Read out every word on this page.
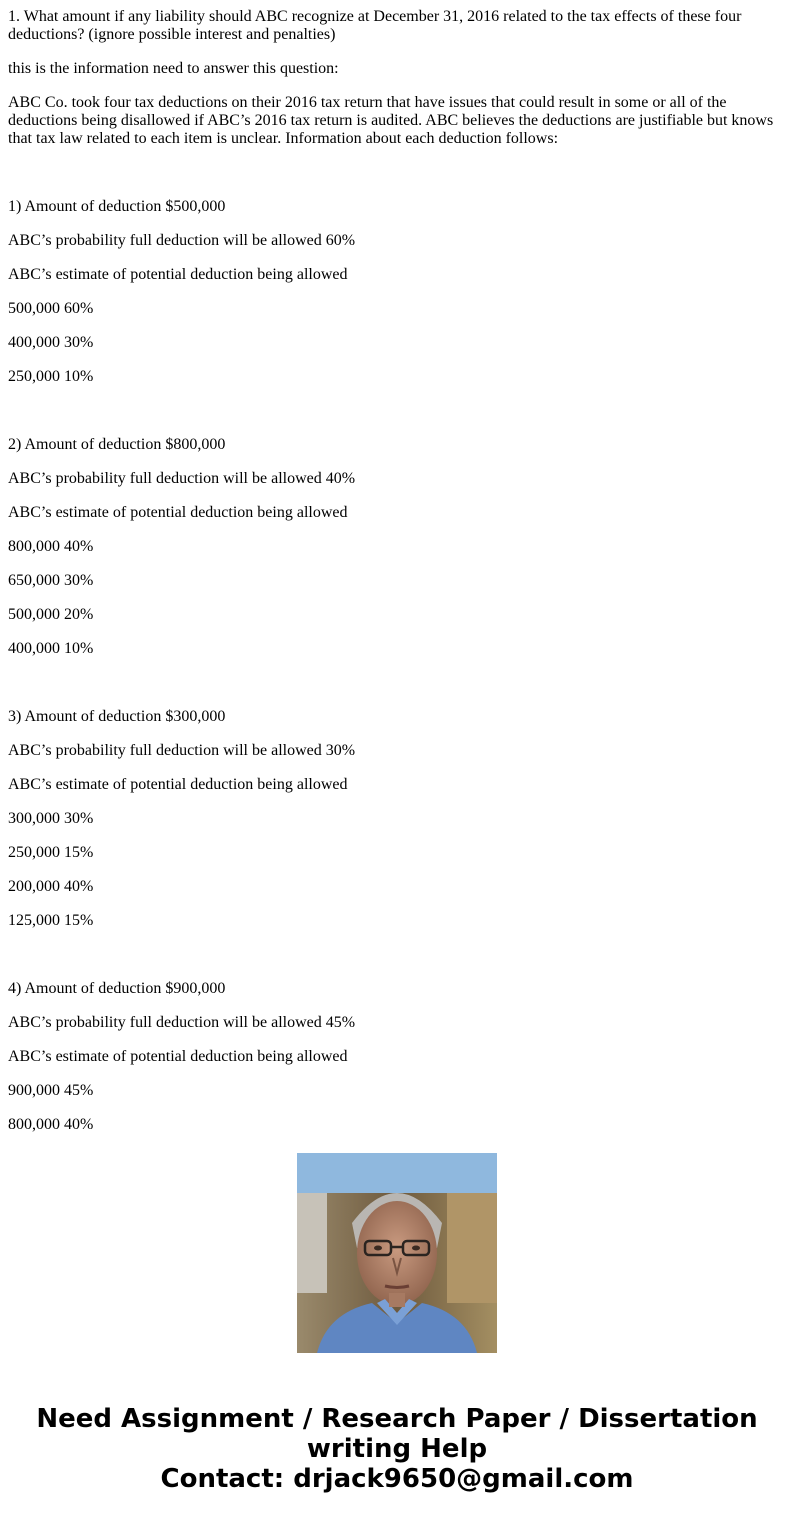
1. What amount if any liability should ABC recognize at December 31, 2016 related to the tax effects of these four deductions? (ignore possible interest and penalties)

this is the information need to answer this question:

ABC Co. took four tax deductions on their 2016 tax return that have issues that could result in some or all of the deductions being disallowed if ABC’s 2016 tax return is audited. ABC believes the deductions are justifiable but knows that tax law related to each item is unclear. Information about each deduction follows:

1) Amount of deduction $500,000

ABC’s probability full deduction will be allowed 60%

ABC’s estimate of potential deduction being allowed

500,000 60%

400,000 30%

250,000 10%

2) Amount of deduction $800,000

ABC’s probability full deduction will be allowed 40%

ABC’s estimate of potential deduction being allowed

800,000 40%

650,000 30%

500,000 20%

400,000 10%

3) Amount of deduction $300,000

ABC’s probability full deduction will be allowed 30%

ABC’s estimate of potential deduction being allowed

300,000 30%

250,000 15%

200,000 40%

125,000 15%

4) Amount of deduction $900,000

ABC’s probability full deduction will be allowed 45%

ABC’s estimate of potential deduction being allowed

900,000 45%

800,000 40%

Need Assignment / Research Paper / Dissertation
writing Help
Contact: drjack9650@gmail.com
